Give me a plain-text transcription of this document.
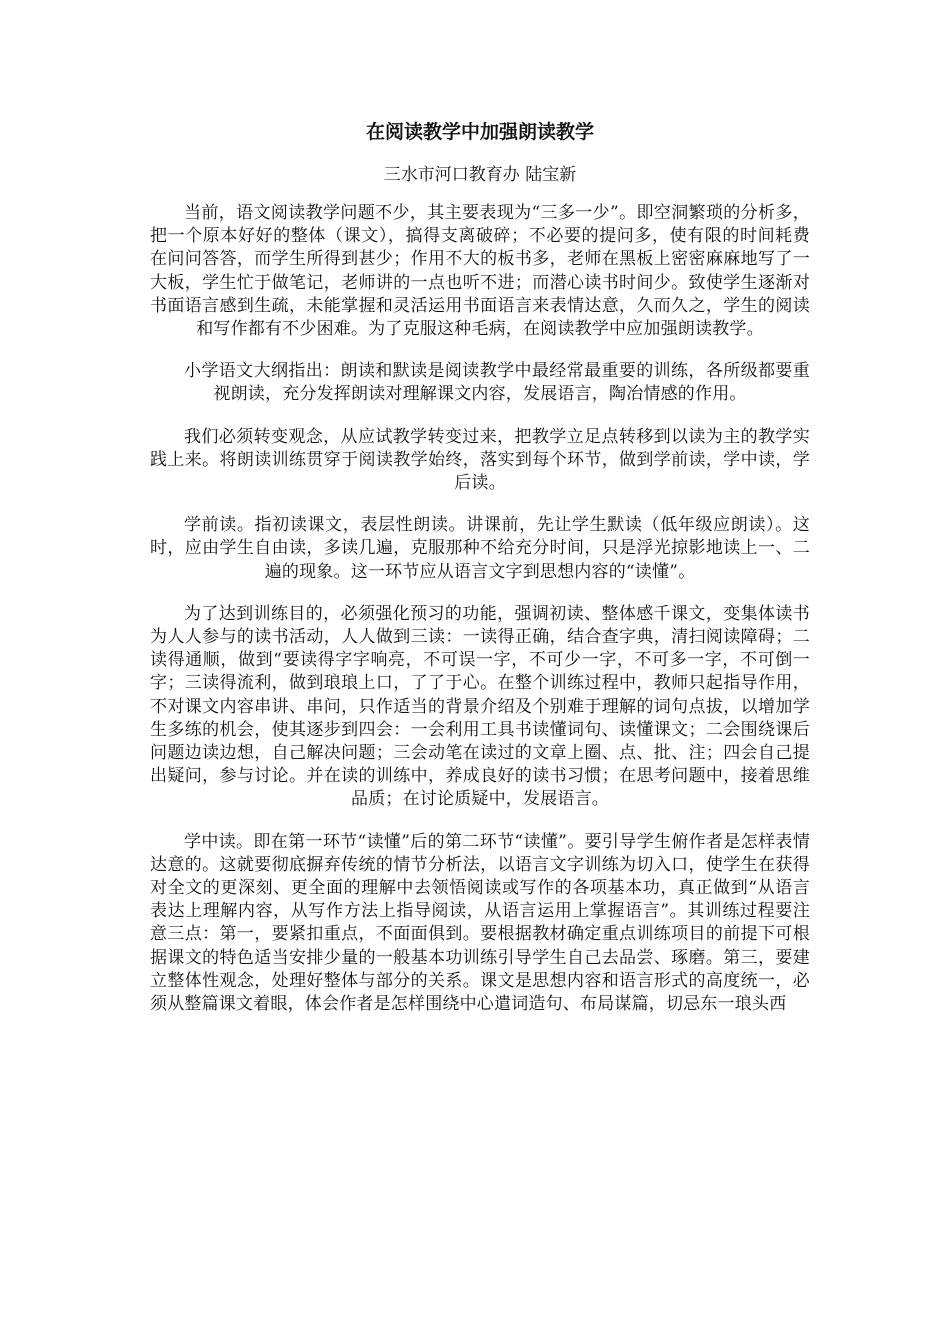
在阅读教学中加强朗读教学
三水市河口教育办 陆宝新

当前，语文阅读教学问题不少，其主要表现为“三多一少”。即空洞繁琐的分析多，把一个原本好好的整体（课文），搞得支离破碎；不必要的提问多，使有限的时间耗费在问问答答，而学生所得到甚少；作用不大的板书多，老师在黑板上密密麻麻地写了一大板，学生忙于做笔记，老师讲的一点也听不进；而潜心读书时间少。致使学生逐渐对书面语言感到生疏，未能掌握和灵活运用书面语言来表情达意，久而久之，学生的阅读和写作都有不少困难。为了克服这种毛病，在阅读教学中应加强朗读教学。

小学语文大纲指出：朗读和默读是阅读教学中最经常最重要的训练，各所级都要重视朗读，充分发挥朗读对理解课文内容，发展语言，陶冶情感的作用。

我们必须转变观念，从应试教学转变过来，把教学立足点转移到以读为主的教学实践上来。将朗读训练贯穿于阅读教学始终，落实到每个环节，做到学前读，学中读，学后读。

学前读。指初读课文，表层性朗读。讲课前，先让学生默读（低年级应朗读）。这时，应由学生自由读，多读几遍，克服那种不给充分时间，只是浮光掠影地读上一、二遍的现象。这一环节应从语言文字到思想内容的“读懂”。

为了达到训练目的，必须强化预习的功能，强调初读、整体感千课文，变集体读书为人人参与的读书活动，人人做到三读：一读得正确，结合查字典，清扫阅读障碍；二读得通顺，做到“要读得字字响亮，不可误一字，不可少一字，不可多一字，不可倒一字；三读得流利，做到琅琅上口，了了于心。在整个训练过程中，教师只起指导作用，不对课文内容串讲、串问，只作适当的背景介绍及个别难于理解的词句点拔，以增加学生多练的机会，使其逐步到四会：一会利用工具书读懂词句、读懂课文；二会围绕课后问题边读边想，自己解决问题；三会动笔在读过的文章上圈、点、批、注；四会自己提出疑问，参与讨论。并在读的训练中，养成良好的读书习惯；在思考问题中，接着思维品质；在讨论质疑中，发展语言。

学中读。即在第一环节“读懂”后的第二环节“读懂”。要引导学生俯作者是怎样表情达意的。这就要彻底摒弃传统的情节分析法，以语言文字训练为切入口，使学生在获得对全文的更深刻、更全面的理解中去领悟阅读或写作的各项基本功，真正做到“从语言表达上理解内容，从写作方法上指导阅读，从语言运用上掌握语言”。其训练过程要注意三点：第一，要紧扣重点，不面面俱到。要根据教材确定重点训练项目的前提下可根据课文的特色适当安排少量的一般基本功训练引导学生自己去品尝、琢磨。第三，要建立整体性观念，处理好整体与部分的关系。课文是思想内容和语言形式的高度统一，必须从整篇课文着眼，体会作者是怎样围绕中心遣词造句、布局谋篇，切忌东一琅头西
